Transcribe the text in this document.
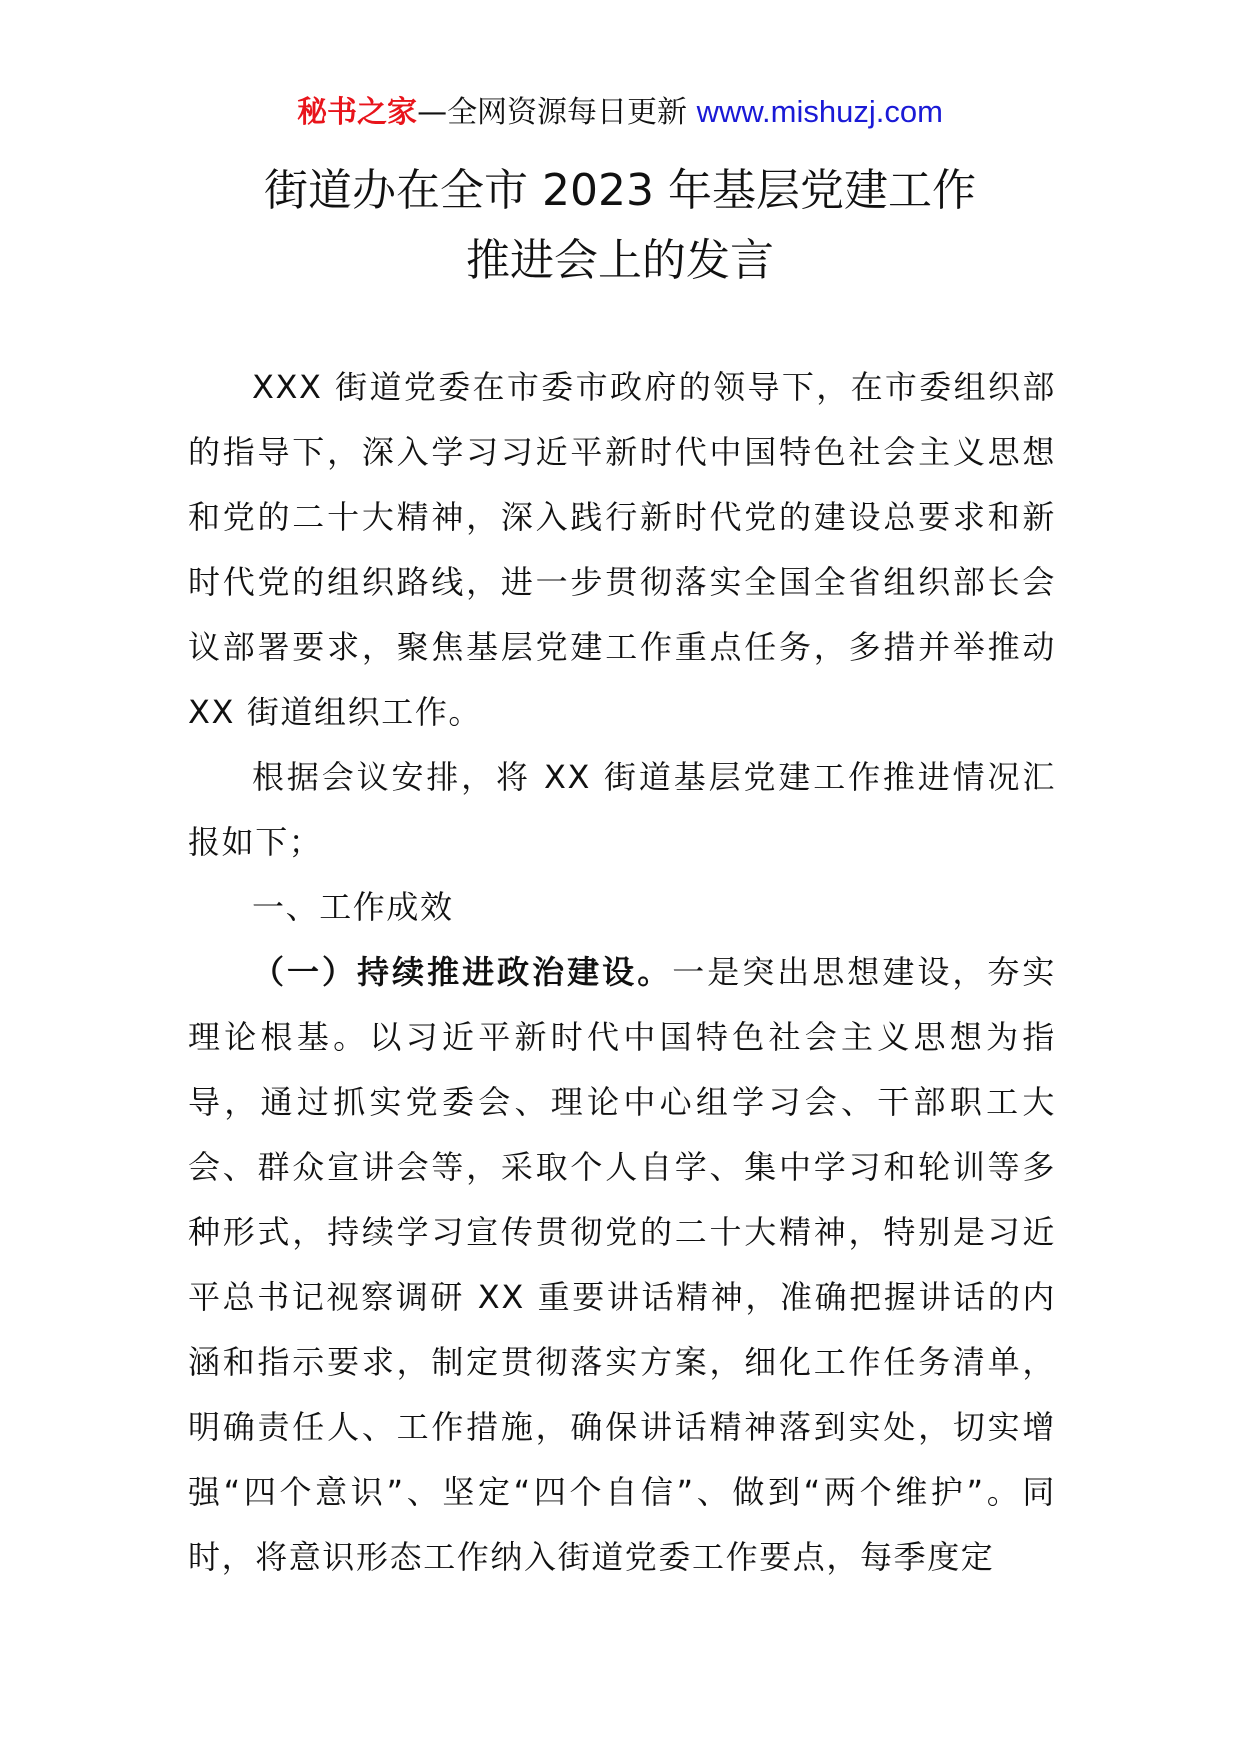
秘书之家—全网资源每日更新 www.mishuzj.com
街道办在全市 2023 年基层党建工作
推进会上的发言

XXX 街道党委在市委市政府的领导下，在市委组织部的指导下，深入学习习近平新时代中国特色社会主义思想和党的二十大精神，深入践行新时代党的建设总要求和新时代党的组织路线，进一步贯彻落实全国全省组织部长会议部署要求，聚焦基层党建工作重点任务，多措并举推动 XX 街道组织工作。

根据会议安排，将 XX 街道基层党建工作推进情况汇报如下；

一、工作成效

（一）持续推进政治建设。一是突出思想建设，夯实理论根基。以习近平新时代中国特色社会主义思想为指导，通过抓实党委会、理论中心组学习会、干部职工大会、群众宣讲会等，采取个人自学、集中学习和轮训等多种形式，持续学习宣传贯彻党的二十大精神，特别是习近平总书记视察调研 XX 重要讲话精神，准确把握讲话的内涵和指示要求，制定贯彻落实方案，细化工作任务清单，明确责任人、工作措施，确保讲话精神落到实处，切实增强“四个意识”、坚定“四个自信”、做到“两个维护”。同时，将意识形态工作纳入街道党委工作要点，每季度定
